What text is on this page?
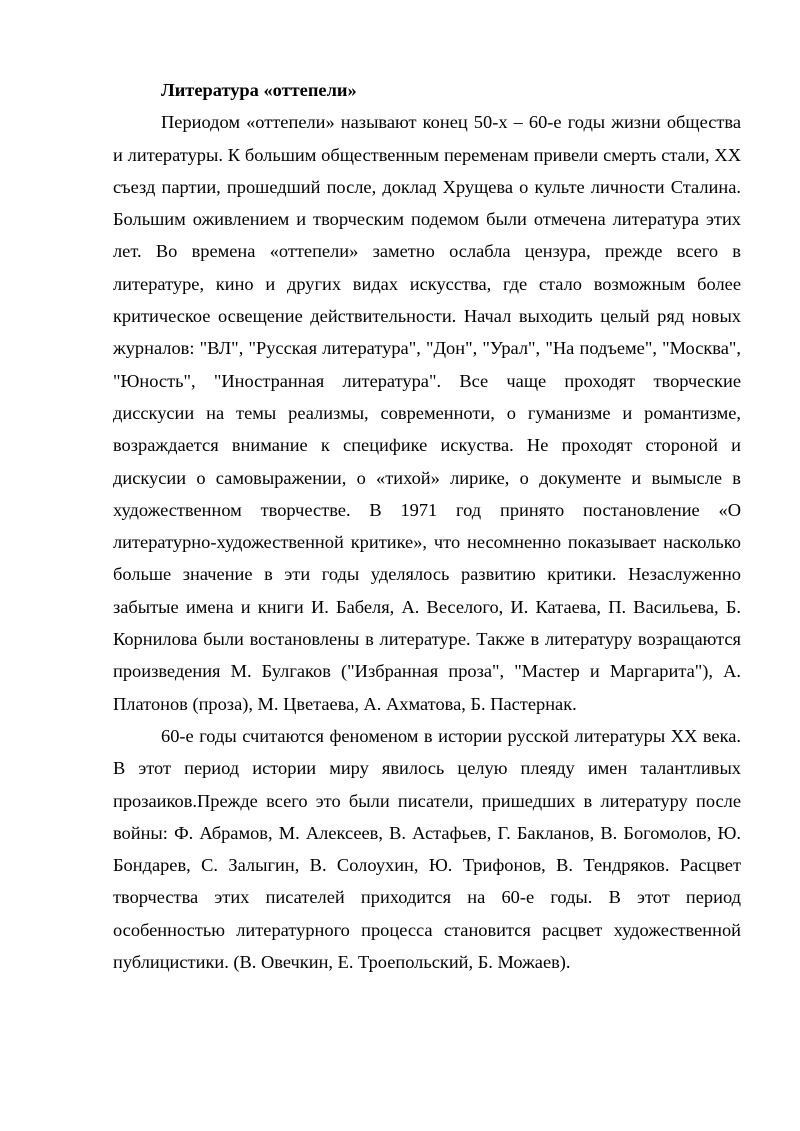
Литература «оттепели»

Периодом «оттепели» называют конец 50-х – 60-е годы жизни общества и литературы. К большим общественным переменам привели смерть стали, ХХ съезд партии, прошедший после, доклад Хрущева о культе личности Сталина. Большим оживлением и творческим подемом были отмечена литература этих лет. Во времена «оттепели» заметно ослабла цензура, прежде всего в литературе, кино и других видах искусства, где стало возможным более критическое освещение действительности. Начал выходить целый ряд новых журналов: "ВЛ", "Русская литература", "Дон", "Урал", "На подъеме", "Москва", "Юность", "Иностранная литература". Все чаще проходят творческие дисскусии на темы реализмы, современноти, о гуманизме и романтизме, возраждается внимание к специфике искуства. Не проходят стороной и дискусии о самовыражении, о «тихой» лирике, о документе и вымысле в художественном творчестве. В 1971 год принято постановление «О литературно-художественной критике», что несомненно показывает насколько больше значение в эти годы уделялось развитию критики. Незаслуженно забытые имена и книги И. Бабеля, А. Веселого, И. Катаева, П. Васильева, Б. Корнилова были востановлены в литературе. Также в литературу возращаются произведения М. Булгаков ("Избранная проза", "Мастер и Маргарита"), А. Платонов (проза), М. Цветаева, А. Ахматова, Б. Пастернак.

60-е годы считаются феноменом в истории русской литературы ХХ века. В этот период истории миру явилось целую плеяду имен талантливых прозаиков.Прежде всего это были писатели, пришедших в литературу после войны: Ф. Абрамов, М. Алексеев, В. Астафьев, Г. Бакланов, В. Богомолов, Ю. Бондарев, С. Залыгин, В. Солоухин, Ю. Трифонов, В. Тендряков. Расцвет творчества этих писателей приходится на 60-е годы. В этот период особенностью литературного процесса становится расцвет художественной публицистики. (В. Овечкин, Е. Троепольский, Б. Можаев).
